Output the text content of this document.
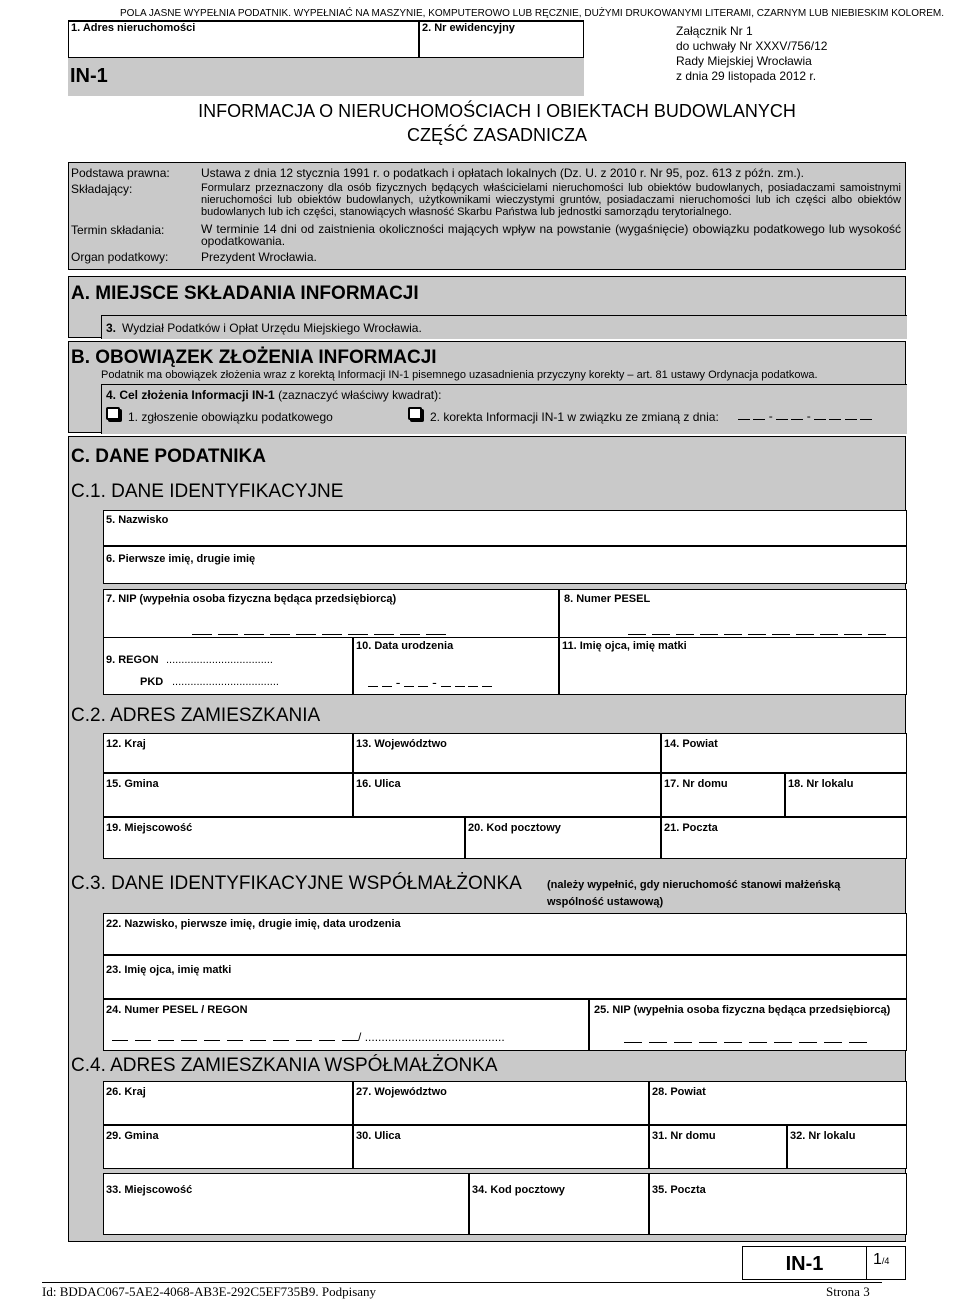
POLA JASNE WYPEŁNIA PODATNIK. WYPEŁNIAĆ NA MASZYNIE, KOMPUTEROWO LUB RĘCZNIE, DUŻYMI DRUKOWANYMI LITERAMI, CZARNYM LUB NIEBIESKIM KOLOREM.
1. Adres nieruchomości	2. Nr ewidencyjny
IN-1
Załącznik Nr 1
do uchwały Nr XXXV/756/12
Rady Miejskiej Wrocławia
z dnia 29 listopada 2012 r.
INFORMACJA O NIERUCHOMOŚCIACH I OBIEKTACH BUDOWLANYCH
CZĘŚĆ ZASADNICZA
Podstawa prawna:	Ustawa z dnia 12 stycznia 1991 r. o podatkach i opłatach lokalnych (Dz. U. z 2010 r. Nr 95, poz. 613 z późn. zm.).
Składający:	Formularz przeznaczony dla osób fizycznych będących właścicielami nieruchomości lub obiektów budowlanych, posiadaczami samoistnymi nieruchomości lub obiektów budowlanych, użytkownikami wieczystymi gruntów, posiadaczami nieruchomości lub ich części albo obiektów budowlanych lub ich części, stanowiących własność Skarbu Państwa lub jednostki samorządu terytorialnego.
Termin składania:	W terminie 14 dni od zaistnienia okoliczności mających wpływ na powstanie (wygaśnięcie) obowiązku podatkowego lub wysokość opodatkowania.
Organ podatkowy:	Prezydent Wrocławia.
A. MIEJSCE SKŁADANIA INFORMACJI
3. Wydział Podatków i Opłat Urzędu Miejskiego Wrocławia.
B. OBOWIĄZEK ZŁOŻENIA INFORMACJI
Podatnik ma obowiązek złożenia wraz z korektą Informacji IN-1 pisemnego uzasadnienia przyczyny korekty – art. 81 ustawy Ordynacja podatkowa.
4. Cel złożenia Informacji IN-1 (zaznaczyć właściwy kwadrat):
1. zgłoszenie obowiązku podatkowego	2. korekta Informacji IN-1 w związku ze zmianą z dnia:	-	-
C. DANE PODATNIKA
C.1. DANE IDENTYFIKACYJNE
5. Nazwisko
6. Pierwsze imię, drugie imię
7. NIP (wypełnia osoba fizyczna będąca przedsiębiorcą)	8. Numer PESEL
9. REGON ...................................
PKD ...................................
10. Data urodzenia
- -
11. Imię ojca, imię matki
C.2. ADRES ZAMIESZKANIA
12. Kraj	13. Województwo	14. Powiat
15. Gmina	16. Ulica	17. Nr domu	18. Nr lokalu
19. Miejscowość	20. Kod pocztowy	21. Poczta
C.3. DANE IDENTYFIKACYJNE WSPÓŁMAŁŻONKA (należy wypełnić, gdy nieruchomość stanowi małżeńską
wspólność ustawową)
22. Nazwisko, pierwsze imię, drugie imię, data urodzenia
23. Imię ojca, imię matki
24. Numer PESEL / REGON
/ ..........................................
25. NIP (wypełnia osoba fizyczna będąca przedsiębiorcą)
C.4. ADRES ZAMIESZKANIA WSPÓŁMAŁŻONKA
26. Kraj	27. Województwo	28. Powiat
29. Gmina	30. Ulica	31. Nr domu	32. Nr lokalu
33. Miejscowość	34. Kod pocztowy	35. Poczta
IN-1	1/4
Id: BDDAC067-5AE2-4068-AB3E-292C5EF735B9. Podpisany	Strona 3
